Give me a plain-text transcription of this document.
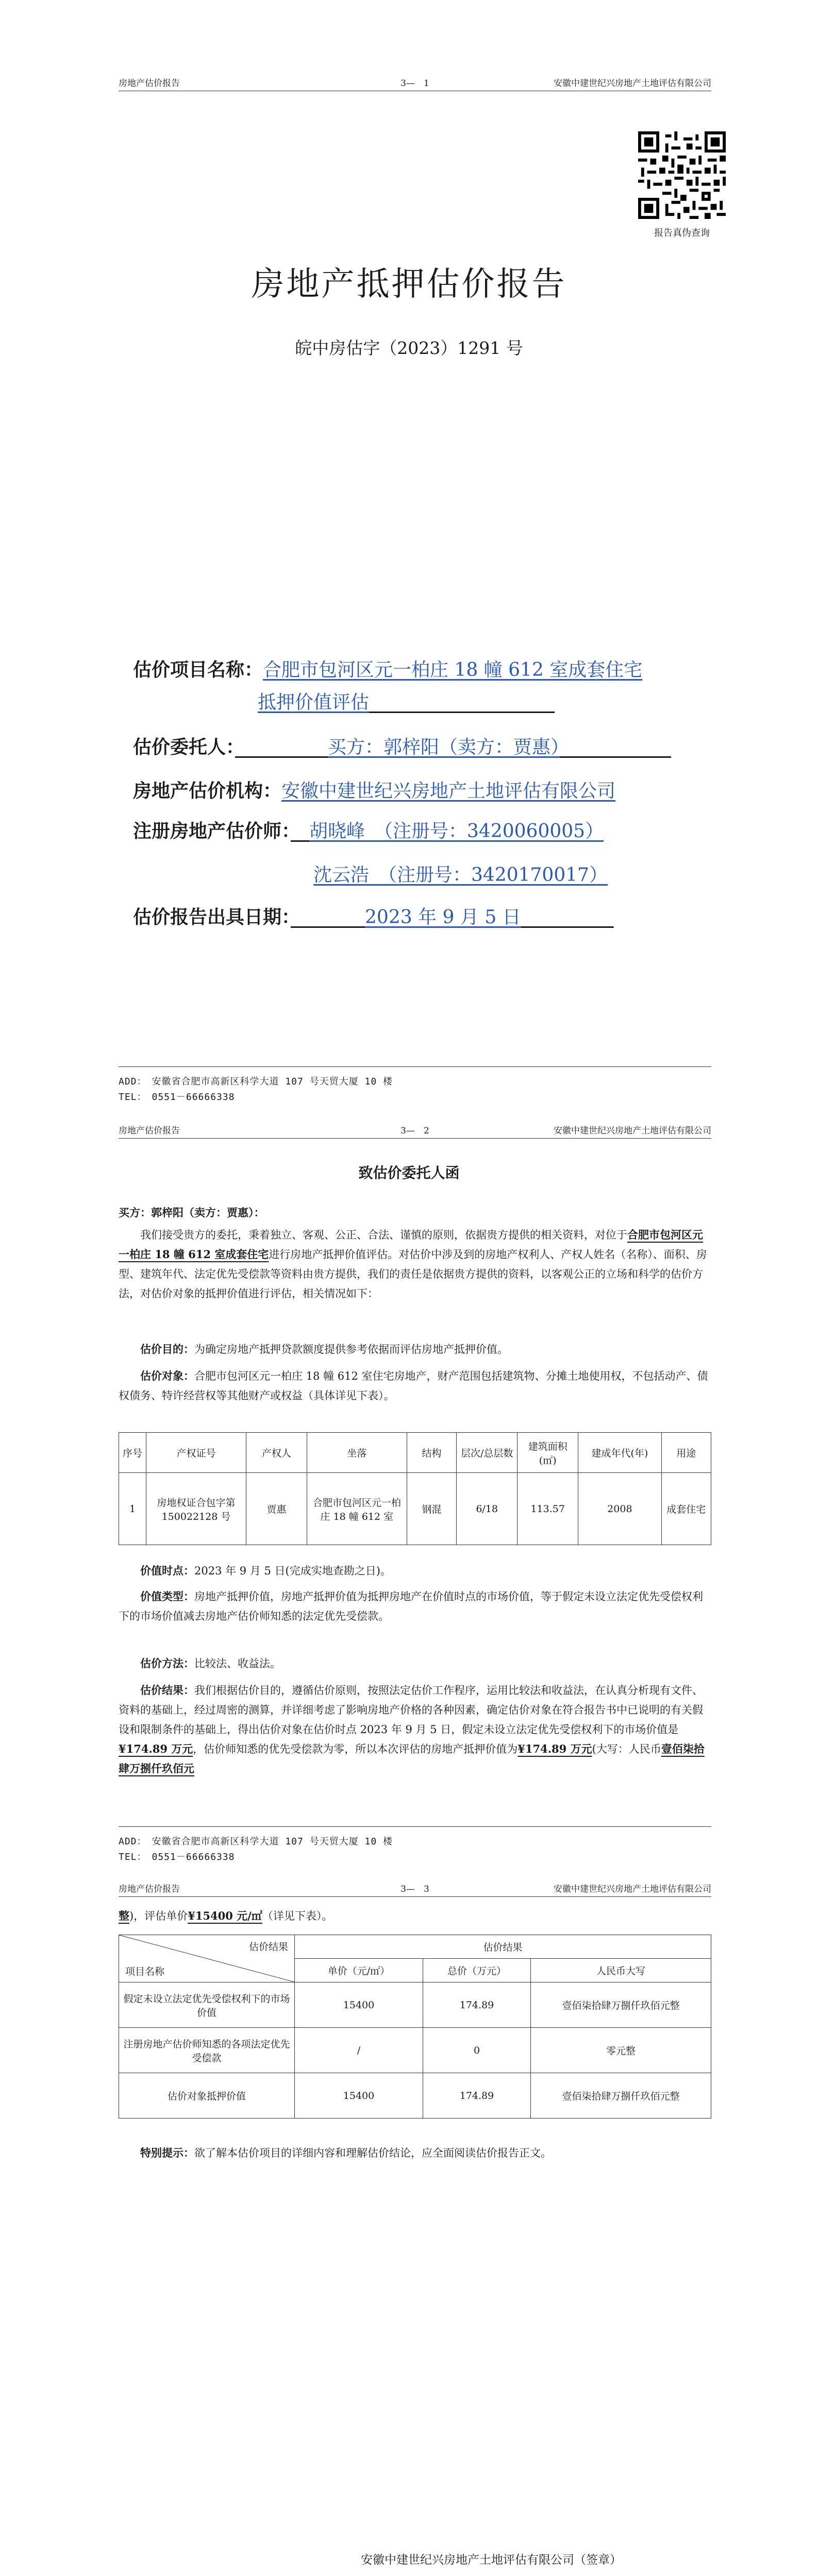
房地产估价报告	3—　1	安徽中建世纪兴房地产土地评估有限公司
报告真伪查询
房地产抵押估价报告
皖中房估字（2023）1291 号
估价项目名称：合肥市包河区元一柏庄 18 幢 612 室成套住宅
抵押价值评估　　　　　　　　　　
估价委托人：　　　　　	买方：郭梓阳（卖方：贾惠）　　　　　　
房地产估价机构：安徽中建世纪兴房地产土地评估有限公司
注册房地产估价师：　 胡晓峰　（注册号：3420060005）
沈云浩　（注册号：3420170017）
估价报告出具日期：　　　　	2023 年 9 月 5 日　　　　　
ADD：　安徽省合肥市高新区科学大道 107 号天贸大厦 10 楼
TEL：　0551－66666338
房地产估价报告	3—　2	安徽中建世纪兴房地产土地评估有限公司
致估价委托人函
买方：郭梓阳（卖方：贾惠）：
我们接受贵方的委托，秉着独立、客观、公正、合法、谨慎的原则，依据贵方提供的相关资料，对位于合肥市包河区元一柏庄 18 幢 612 室成套住宅进行房地产抵押价值评估。对估价中涉及到的房地产权利人、产权人姓名（名称）、面积、房型、建筑年代、法定优先受偿款等资料由贵方提供，我们的责任是依据贵方提供的资料，以客观公正的立场和科学的估价方法，对估价对象的抵押价值进行评估，相关情况如下：
估价目的：为确定房地产抵押贷款额度提供参考依据而评估房地产抵押价值。
估价对象：合肥市包河区元一柏庄 18 幢 612 室住宅房地产，财产范围包括建筑物、分摊土地使用权，不包括动产、债权债务、特许经营权等其他财产或权益（具体详见下表）。
序号	产权证号	产权人	坐落	结构	层次/总层数	建筑面积(㎡)	建成年代(年)	用途
1	房地权证合包字第 150022128 号	贾惠	合肥市包河区元一柏庄 18 幢 612 室	钢混	6/18	113.57	2008	成套住宅
价值时点：2023 年 9 月 5 日(完成实地查勘之日)。
价值类型：房地产抵押价值，房地产抵押价值为抵押房地产在价值时点的市场价值，等于假定未设立法定优先受偿权利下的市场价值减去房地产估价师知悉的法定优先受偿款。
估价方法：比较法、收益法。
估价结果：我们根据估价目的，遵循估价原则，按照法定估价工作程序，运用比较法和收益法，在认真分析现有文件、资料的基础上，经过周密的测算，并详细考虑了影响房地产价格的各种因素，确定估价对象在符合报告书中已说明的有关假设和限制条件的基础上，得出估价对象在估价时点 2023 年 9 月 5 日，假定未设立法定优先受偿权利下的市场价值是¥174.89 万元，估价师知悉的优先受偿款为零，所以本次评估的房地产抵押价值为¥174.89 万元(大写：人民币壹佰柒拾肆万捌仟玖佰元
ADD：　安徽省合肥市高新区科学大道 107 号天贸大厦 10 楼
TEL：　0551－66666338
房地产估价报告	3—　3	安徽中建世纪兴房地产土地评估有限公司
整)，评估单价¥15400 元/㎡（详见下表）。
估价结果
项目名称	估价结果		
	单价（元/㎡）	总价（万元）	人民币大写
假定未设立法定优先受偿权利下的市场价值	15400	174.89	壹佰柒拾肆万捌仟玖佰元整
注册房地产估价师知悉的各项法定优先受偿款	/	0	零元整
估价对象抵押价值	15400	174.89	壹佰柒拾肆万捌仟玖佰元整
特别提示：欲了解本估价项目的详细内容和理解估价结论，应全面阅读估价报告正文。
安徽中建世纪兴房地产土地评估有限公司（签章）
